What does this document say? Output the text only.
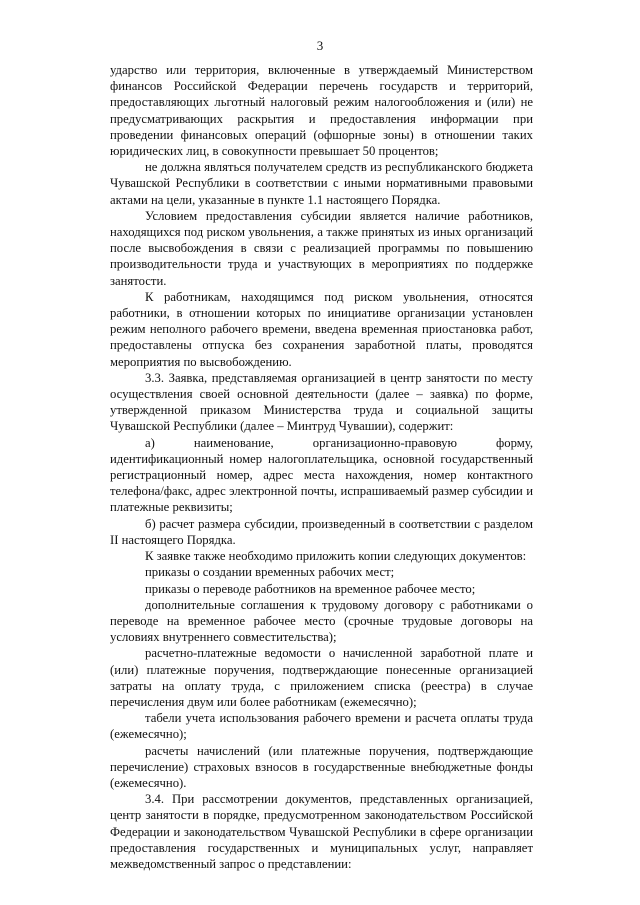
3

ударство или территория, включенные в утверждаемый Министерством финансов Российской Федерации перечень государств и территорий, предоставляющих льготный налоговый режим налогообложения и (или) не предусматривающих раскрытия и предоставления информации при проведении финансовых операций (офшорные зоны) в отношении таких юридических лиц, в совокупности превышает 50 процентов;

не должна являться получателем средств из республиканского бюджета Чувашской Республики в соответствии с иными нормативными правовыми актами на цели, указанные в пункте 1.1 настоящего Порядка.

Условием предоставления субсидии является наличие работников, находящихся под риском увольнения, а также принятых из иных организаций после высвобождения в связи с реализацией программы по повышению производительности труда и участвующих в мероприятиях по поддержке занятости.

К работникам, находящимся под риском увольнения, относятся работники, в отношении которых по инициативе организации установлен режим неполного рабочего времени, введена временная приостановка работ, предоставлены отпуска без сохранения заработной платы, проводятся мероприятия по высвобождению.

3.3. Заявка, представляемая организацией в центр занятости по месту осуществления своей основной деятельности (далее – заявка) по форме, утвержденной приказом Министерства труда и социальной защиты Чувашской Республики (далее – Минтруд Чувашии), содержит:

а) наименование, организационно-правовую форму, идентификационный номер налогоплательщика, основной государственный регистрационный номер, адрес места нахождения, номер контактного телефона/факс, адрес электронной почты, испрашиваемый размер субсидии и платежные реквизиты;

б) расчет размера субсидии, произведенный в соответствии с разделом II настоящего Порядка.

К заявке также необходимо приложить копии следующих документов:

приказы о создании временных рабочих мест;

приказы о переводе работников на временное рабочее место;

дополнительные соглашения к трудовому договору с работниками о переводе на временное рабочее место (срочные трудовые договоры на условиях внутреннего совместительства);

расчетно-платежные ведомости о начисленной заработной плате и (или) платежные поручения, подтверждающие понесенные организацией затраты на оплату труда, с приложением списка (реестра) в случае перечисления двум или более работникам (ежемесячно);

табели учета использования рабочего времени и расчета оплаты труда (ежемесячно);

расчеты начислений (или платежные поручения, подтверждающие перечисление) страховых взносов в государственные внебюджетные фонды (ежемесячно).

3.4. При рассмотрении документов, представленных организацией, центр занятости в порядке, предусмотренном законодательством Российской Федерации и законодательством Чувашской Республики в сфере организации предоставления государственных и муниципальных услуг, направляет межведомственный запрос о представлении:
